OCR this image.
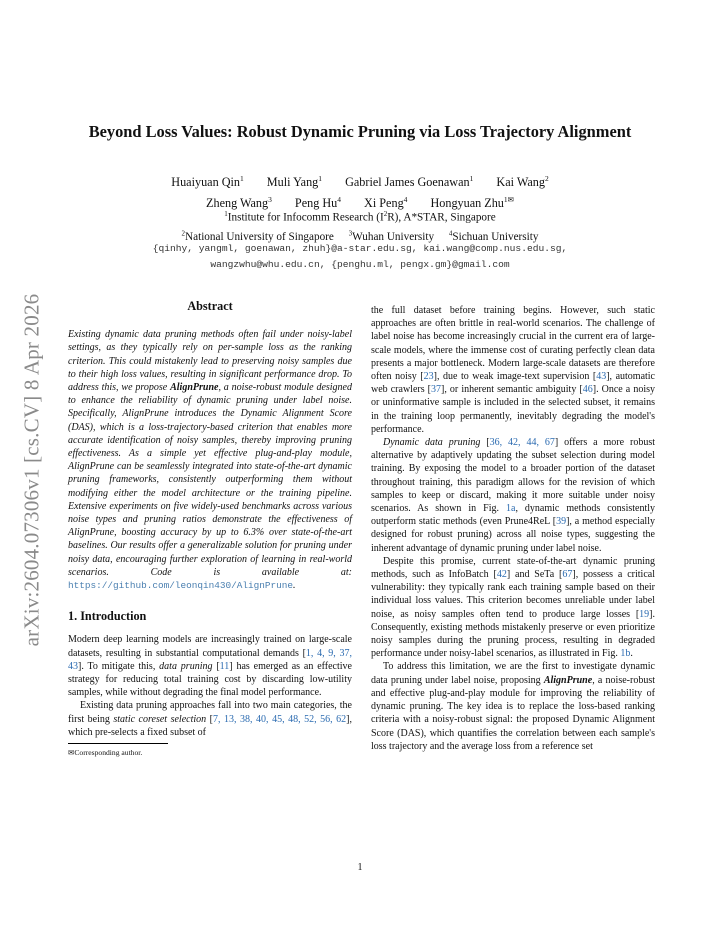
arXiv:2604.07306v1 [cs.CV] 8 Apr 2026
Beyond Loss Values: Robust Dynamic Pruning via Loss Trajectory Alignment
Huaiyuan Qin$^1$ Muli Yang$^1$ Gabriel James Goenawan$^1$ Kai Wang$^2$
Zheng Wang$^3$ Peng Hu$^4$ Xi Peng$^4$ Hongyuan Zhu$^{1✉}$
$^1$Institute for Infocomm Research $(I^2R)$, A*STAR, Singapore
$^2$National University of Singapore $^3$Wuhan University $^4$Sichuan University
{qinhy, yangml, goenawan, zhuh}@a-star.edu.sg, kai.wang@comp.nus.edu.sg,
wangzwhu@whu.edu.cn, {penghu.ml, pengx.gm}@gmail.com
Abstract

Existing dynamic data pruning methods often fail under noisy-label settings, as they typically rely on per-sample loss as the ranking criterion. This could mistakenly lead to preserving noisy samples due to their high loss values, resulting in significant performance drop. To address this, we propose AlignPrune, a noise-robust module designed to enhance the reliability of dynamic pruning under label noise. Specifically, AlignPrune introduces the Dynamic Alignment Score (DAS), which is a loss-trajectory-based criterion that enables more accurate identification of noisy samples, thereby improving pruning effectiveness. As a simple yet effective plug-and-play module, AlignPrune can be seamlessly integrated into state-of-the-art dynamic pruning frameworks, consistently outperforming them without modifying either the model architecture or the training pipeline. Extensive experiments on five widely-used benchmarks across various noise types and pruning ratios demonstrate the effectiveness of AlignPrune, boosting accuracy by up to 6.3% over state-of-the-art baselines. Our results offer a generalizable solution for pruning under noisy data, encouraging further exploration of learning in real-world scenarios. Code is available at: https://github.com/leonqin430/AlignPrune.

1. Introduction

Modern deep learning models are increasingly trained on large-scale datasets, resulting in substantial computational demands [1, 4, 9, 37, 43]. To mitigate this, data pruning [11] has emerged as an effective strategy for reducing total training cost by discarding low-utility samples, while without degrading the final model performance.

Existing data pruning approaches fall into two main categories, the first being static coreset selection [7, 13, 38, 40, 45, 48, 52, 56, 62], which pre-selects a fixed subset of

✉Corresponding author.

the full dataset before training begins. However, such static approaches are often brittle in real-world scenarios. The challenge of label noise has become increasingly crucial in the current era of large-scale models, where the immense cost of curating perfectly clean data presents a major bottleneck. Modern large-scale datasets are therefore often noisy [23], due to weak image-text supervision [43], automatic web crawlers [37], or inherent semantic ambiguity [46]. Once a noisy or uninformative sample is included in the selected subset, it remains in the training loop permanently, inevitably degrading the model's performance.

Dynamic data pruning [36, 42, 44, 67] offers a more robust alternative by adaptively updating the subset selection during model training. By exposing the model to a broader portion of the dataset throughout training, this paradigm allows for the revision of which samples to keep or discard, making it more suitable under noisy scenarios. As shown in Fig. 1a, dynamic methods consistently outperform static methods (even Prune4ReL [39], a method especially designed for robust pruning) across all noise types, suggesting the inherent advantage of dynamic pruning under label noise.

Despite this promise, current state-of-the-art dynamic pruning methods, such as InfoBatch [42] and SeTa [67], possess a critical vulnerability: they typically rank each training sample based on their individual loss values. This criterion becomes unreliable under label noise, as noisy samples often tend to produce large losses [19]. Consequently, existing methods mistakenly preserve or even prioritize noisy samples during the pruning process, resulting in degraded performance under noisy-label scenarios, as illustrated in Fig. 1b.

To address this limitation, we are the first to investigate dynamic data pruning under label noise, proposing AlignPrune, a noise-robust and effective plug-and-play module for improving the reliability of dynamic pruning. The key idea is to replace the loss-based ranking criteria with a noisy-robust signal: the proposed Dynamic Alignment Score (DAS), which quantifies the correlation between each sample's loss trajectory and the average loss from a reference set

1
